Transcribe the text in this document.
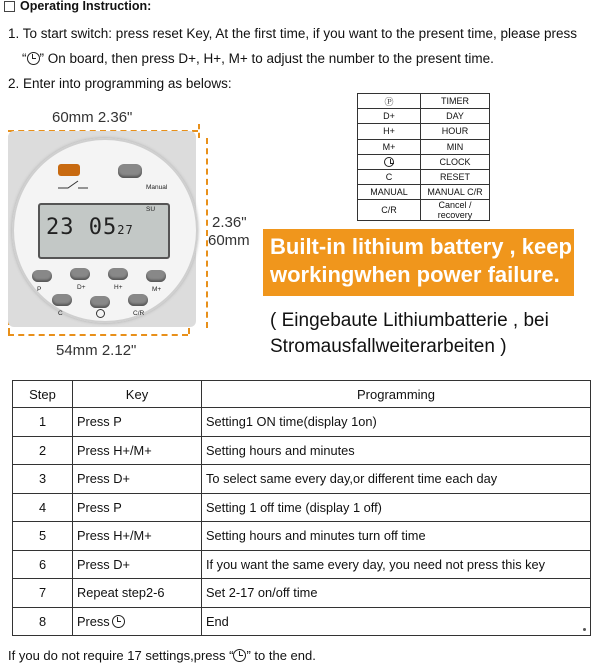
Operating Instruction:
1. To start switch: press reset Key, At the first time, if you want to the present time, please press
“ ” On board, then press D+, H+, M+ to adjust the number to the present time.
2. Enter into programming as belows:
Ⓟ	TIMER
D+	DAY
H+	HOUR
M+	MIN
	CLOCK
C	RESET
MANUAL	MANUAL C/R
C/R	Cancel / recovery
60mm 2.36"
2.36"
60mm
54mm 2.12"
Manual
SU
23 0527
P	D+	H+	M+
C	C/R
Built-in lithium battery , keep
workingwhen power failure.
( Eingebaute Lithiumbatterie , bei
Stromausfallweiterarbeiten )
Step	Key	Programming
1	Press P	Setting1 ON time(display 1on)
2	Press H+/M+	Setting hours and minutes
3	Press D+	To select same every day,or different time each day
4	Press P	Setting 1 off time (display 1 off)
5	Press H+/M+	Setting hours and minutes turn off time
6	Press D+	If you want the same every day, you need not press this key
7	Repeat step2-6	Set 2-17 on/off time
8	Press	End
If you do not require 17 settings,press “ ” to the end.
